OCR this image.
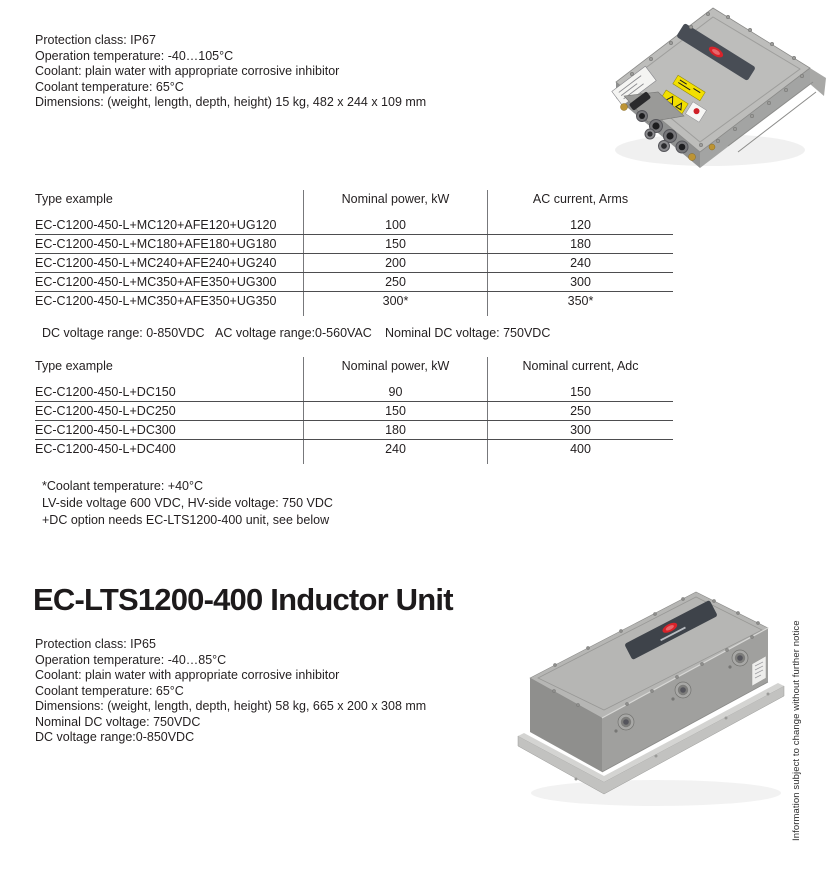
Protection class: IP67
Operation temperature: -40…105°C
Coolant: plain water with appropriate corrosive inhibitor
Coolant temperature: 65°C
Dimensions: (weight, length, depth, height) 15 kg, 482 x 244 x 109 mm
Type example	Nominal power, kW	AC current, Arms
EC-C1200-450-L+MC120+AFE120+UG120	100	120
EC-C1200-450-L+MC180+AFE180+UG180	150	180
EC-C1200-450-L+MC240+AFE240+UG240	200	240
EC-C1200-450-L+MC350+AFE350+UG300	250	300
EC-C1200-450-L+MC350+AFE350+UG350	300*	350*
DC voltage range: 0-850VDC AC voltage range:0-560VAC Nominal DC voltage: 750VDC
Type example	Nominal power, kW	Nominal current, Adc
EC-C1200-450-L+DC150	90	150
EC-C1200-450-L+DC250	150	250
EC-C1200-450-L+DC300	180	300
EC-C1200-450-L+DC400	240	400
*Coolant temperature: +40°C
LV-side voltage 600 VDC, HV-side voltage: 750 VDC
+DC option needs EC-LTS1200-400 unit, see below
EC-LTS1200-400 Inductor Unit
Protection class: IP65
Operation temperature: -40…85°C
Coolant: plain water with appropriate corrosive inhibitor
Coolant temperature: 65°C
Dimensions: (weight, length, depth, height) 58 kg, 665 x 200 x 308 mm
Nominal DC voltage: 750VDC
DC voltage range:0-850VDC	Information subject to change without further notice
